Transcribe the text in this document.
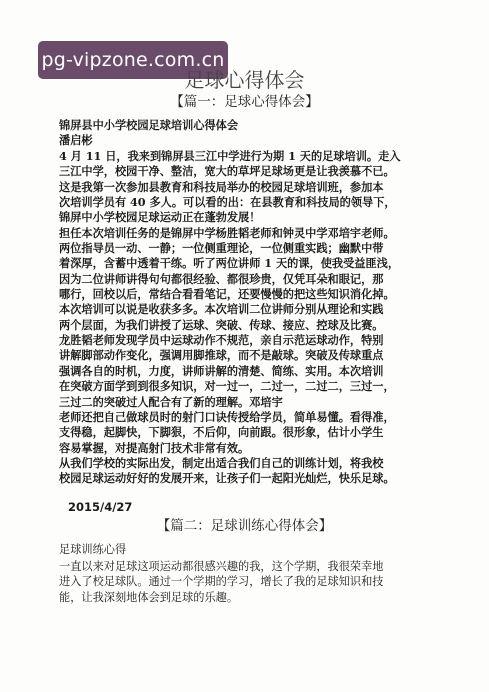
pg-vipzone.com.cn
足球心得体会
【篇一：足球心得体会】
锦屏县中小学校园足球培训心得体会
潘启彬
4 月 11 日，我来到锦屏县三江中学进行为期 1 天的足球培训。走入
三江中学，校园干净、整洁，宽大的草坪足球场更是让我羡慕不已。
这是我第一次参加县教育和科技局举办的校园足球培训班，参加本
次培训学员有 40 多人。可以看的出：在县教育和科技局的领导下，
锦屏中小学校园足球运动正在蓬勃发展！
担任本次培训任务的是锦屏中学杨胜韬老师和钟灵中学邓培宇老师。
两位指导员一动、一静；一位侧重理论，一位侧重实践；幽默中带
着深厚，含蓄中透着干练。听了两位讲师 1 天的课，使我受益匪浅，
因为二位讲师讲得句句都很经验、都很珍贵，仅凭耳朵和眼记，那
哪行，回校以后，常结合看看笔记，还要慢慢的把这些知识消化掉。
本次培训可以说是收获多多。本次培训二位讲师分别从理论和实践
两个层面，为我们讲授了运球、突破、传球、接应、控球及比赛。
龙胜韬老师发现学员中运球动作不规范，亲自示范运球动作，特别
讲解脚部动作变化，强调用脚推球，而不是敲球。突破及传球重点
强调各自的时机，力度，讲师讲解的清楚、简练、实用。本次培训
在突破方面学到到很多知识，对一过一，二过一，二过二，三过一，
三过二的突破过人配合有了新的理解。邓培宇
老师还把自己做球员时的射门口诀传授给学员，简单易懂。看得准，
支得稳，起脚快，下脚狠，不后仰，向前跟。很形象，估计小学生
容易掌握，对提高射门技术非常有效。
从我们学校的实际出发，制定出适合我们自己的训练计划，将我校
校园足球运动好好的发展开来，让孩子们一起阳光灿烂，快乐足球。
2015/4/27
【篇二：足球训练心得体会】
足球训练心得
一直以来对足球这项运动都很感兴趣的我，这个学期，我很荣幸地
进入了校足球队。通过一个学期的学习，增长了我的足球知识和技
能，让我深刻地体会到足球的乐趣。
